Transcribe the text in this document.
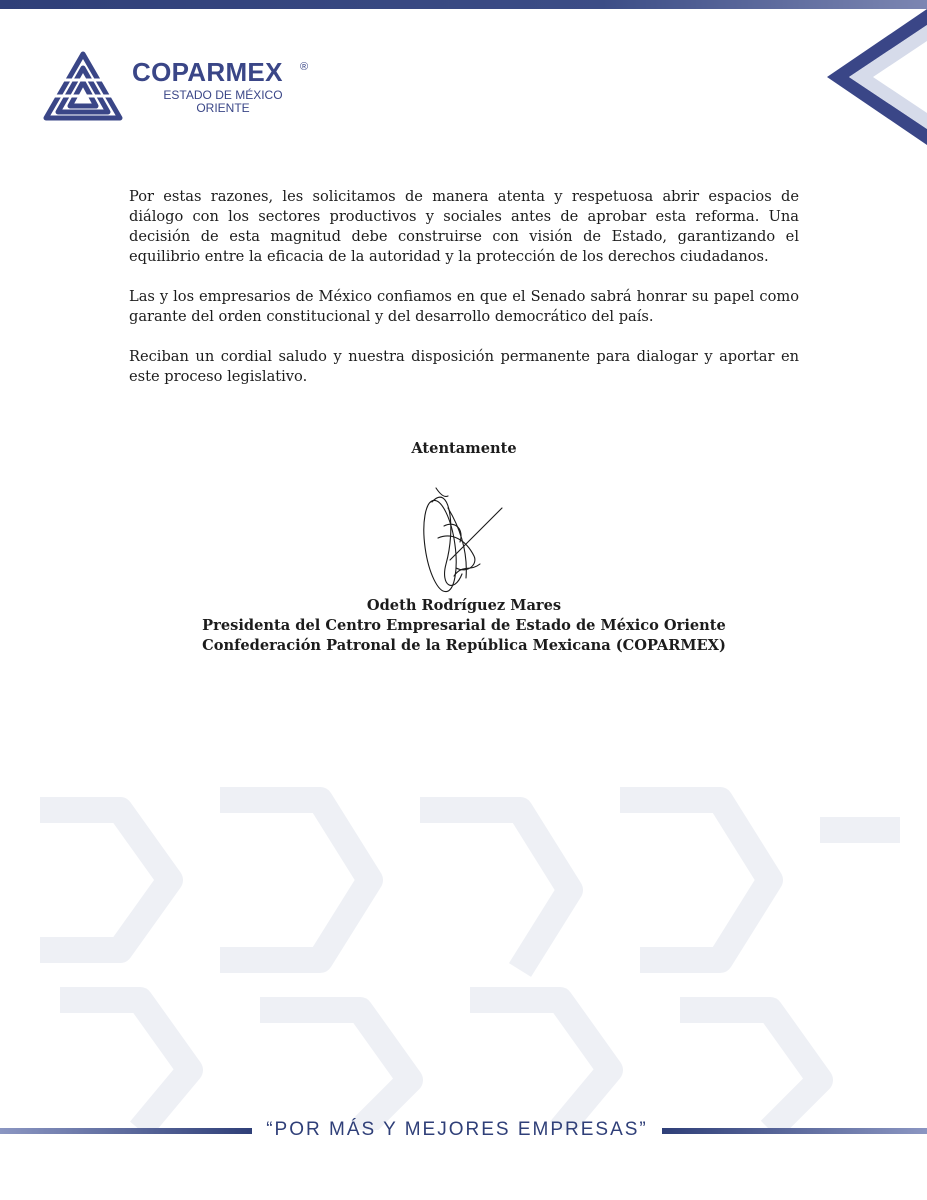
COPARMEX ®
ESTADO DE MÉXICO
ORIENTE

Por estas razones, les solicitamos de manera atenta y respetuosa abrir espacios de diálogo con los sectores productivos y sociales antes de aprobar esta reforma. Una decisión de esta magnitud debe construirse con visión de Estado, garantizando el equilibrio entre la eficacia de la autoridad y la protección de los derechos ciudadanos.

Las y los empresarios de México confiamos en que el Senado sabrá honrar su papel como garante del orden constitucional y del desarrollo democrático del país.

Reciban un cordial saludo y nuestra disposición permanente para dialogar y aportar en este proceso legislativo.

Atentamente
Odeth Rodríguez Mares
Presidenta del Centro Empresarial de Estado de México Oriente
Confederación Patronal de la República Mexicana (COPARMEX)
“POR MÁS Y MEJORES EMPRESAS”
